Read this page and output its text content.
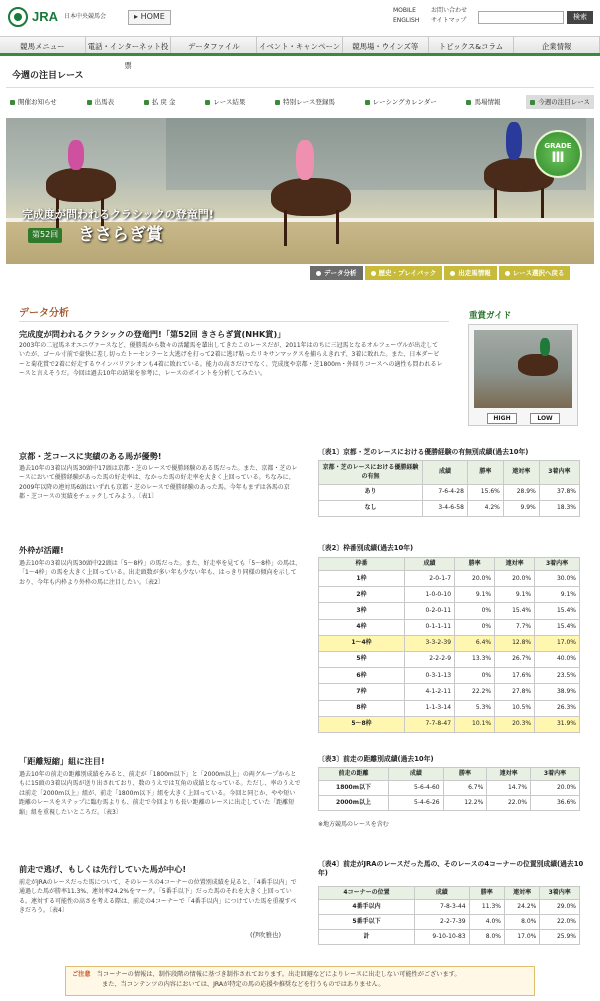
JRA 日本中央競馬会	▸ HOME
MOBILE	お問い合わせ
ENGLISH	サイトマップ	検索
競馬メニュー	電話・インターネット投票
データファイル	イベント・キャンペーン	競馬場・ウインズ等	トピックス&コラム	企業情報
今週の注目レース
開催お知らせ	出馬表	払 戻 金	レース結果	特別レース登録馬	レーシングカレンダー	馬場情報	今週の注目レース
GRADE
Ⅲ
完成度が問われるクラシックの登竜門!
第52回 きさらぎ賞
データ分析	歴史・プレイバック	出走馬情報	レース選択へ戻る
データ分析
完成度が問われるクラシックの登竜門!「第52回 きさらぎ賞(NHK賞)」
2003年の二冠馬ネオユニヴァースなど、優勝馬から数々の活躍馬を輩出してきたこのレースだが、2011年はのちに三冠馬となるオルフェーヴルが出走していたが、ゴール寸前で豪快に差し切ったトーセンラーと大逃げを打って2着に逃げ粘ったリキサンマックスを捕らえきれず、3着に敗れた。また、日本ダービーと菊花賞で2着に好走するウインバリアシオンも4着に敗れている。能力の高さだけでなく、完成度や京都・芝1800m・外回りコースへの適性も問われるレースと言えそうだ。今回は過去10年の結果を参考に、レースのポイントを分析してみたい。
重賞ガイド
HIGH	LOW
京都・芝コースに実績のある馬が優勢!
過去10年の3着以内馬30頭中17頭は京都・芝のレースで優勝経験のある馬だった。また、京都・芝のレースにおいて優勝経験があった馬の好走率は、なかった馬の好走率を大きく上回っている。ちなみに、2009年以降の連対馬6頭はいずれも京都・芝のレースで優勝経験のあった馬。今年もまずは各馬の京都・芝コースの実績をチェックしてみよう。〔表1〕
外枠が活躍!
過去10年の3着以内馬30頭中22頭は「5〜8枠」の馬だった。また、好走率を見ても「5〜8枠」の馬は、「1〜4枠」の馬を大きく上回っている。出走頭数が多い年も少ない年も、はっきり同様の傾向を示しており、今年も内枠より外枠の馬に注目したい。〔表2〕
「距離短縮」組に注目!
過去10年の前走の距離別成績をみると、前走が「1800m以下」と「2000m以上」の両グループからともに15頭の3着以内馬が送り出されており、数のうえでは互角の成績となっている。ただし、率のうえでは前走「2000m以上」組が、前走「1800m以下」組を大きく上回っている。今回と同じか、やや短い距離のレースをステップに臨む馬よりも、前走で今回よりも長い距離のレースに出走していた「距離短縮」組を重視したいところだ。〔表3〕
前走で逃げ、もしくは先行していた馬が中心!
前走がJRAのレースだった馬について、そのレースの4コーナーの位置別成績を見ると、「4番手以内」で通過した馬が勝率11.3%、連対率24.2%をマーク。「5番手以下」だった馬のそれを大きく上回っている。連対する可能性の高さを考える際は、前走の4コーナーで「4番手以内」につけていた馬を重視すべきだろう。〔表4〕
(伊吹雅也)
〔表1〕京都・芝のレースにおける優勝経験の有無別成績(過去10年)
京都・芝のレースにおける優勝経験の有無	成績	勝率	連対率	3着内率
あり	7-6-4-28	15.6%	28.9%	37.8%
なし	3-4-6-58	4.2%	9.9%	18.3%
〔表2〕枠番別成績(過去10年)
枠番	成績	勝率	連対率	3着内率
1枠	2-0-1-7	20.0%	20.0%	30.0%
2枠	1-0-0-10	9.1%	9.1%	9.1%
3枠	0-2-0-11	0%	15.4%	15.4%
4枠	0-1-1-11	0%	7.7%	15.4%
1〜4枠	3-3-2-39	6.4%	12.8%	17.0%
5枠	2-2-2-9	13.3%	26.7%	40.0%
6枠	0-3-1-13	0%	17.6%	23.5%
7枠	4-1-2-11	22.2%	27.8%	38.9%
8枠	1-1-3-14	5.3%	10.5%	26.3%
5〜8枠	7-7-8-47	10.1%	20.3%	31.9%
〔表3〕前走の距離別成績(過去10年)
前走の距離	成績	勝率	連対率	3着内率
1800m以下	5-6-4-60	6.7%	14.7%	20.0%
2000m以上	5-4-6-26	12.2%	22.0%	36.6%
※地方競馬のレースを含む
〔表4〕前走がJRAのレースだった馬の、そのレースの4コーナーの位置別成績(過去10年)
4コーナーの位置	成績	勝率	連対率	3着内率
4番手以内	7-8-3-44	11.3%	24.2%	29.0%
5番手以下	2-2-7-39	4.0%	8.0%	22.0%
計	9-10-10-83	8.0%	17.0%	25.9%
ご注意　 当コーナーの情報は、制作段階の情報に基づき制作されております。出走回避などによりレースに出走しない可能性がございます。
また、当コンテンツの内容においては、JRAが特定の馬の応援や推奨などを行うものではありません。
